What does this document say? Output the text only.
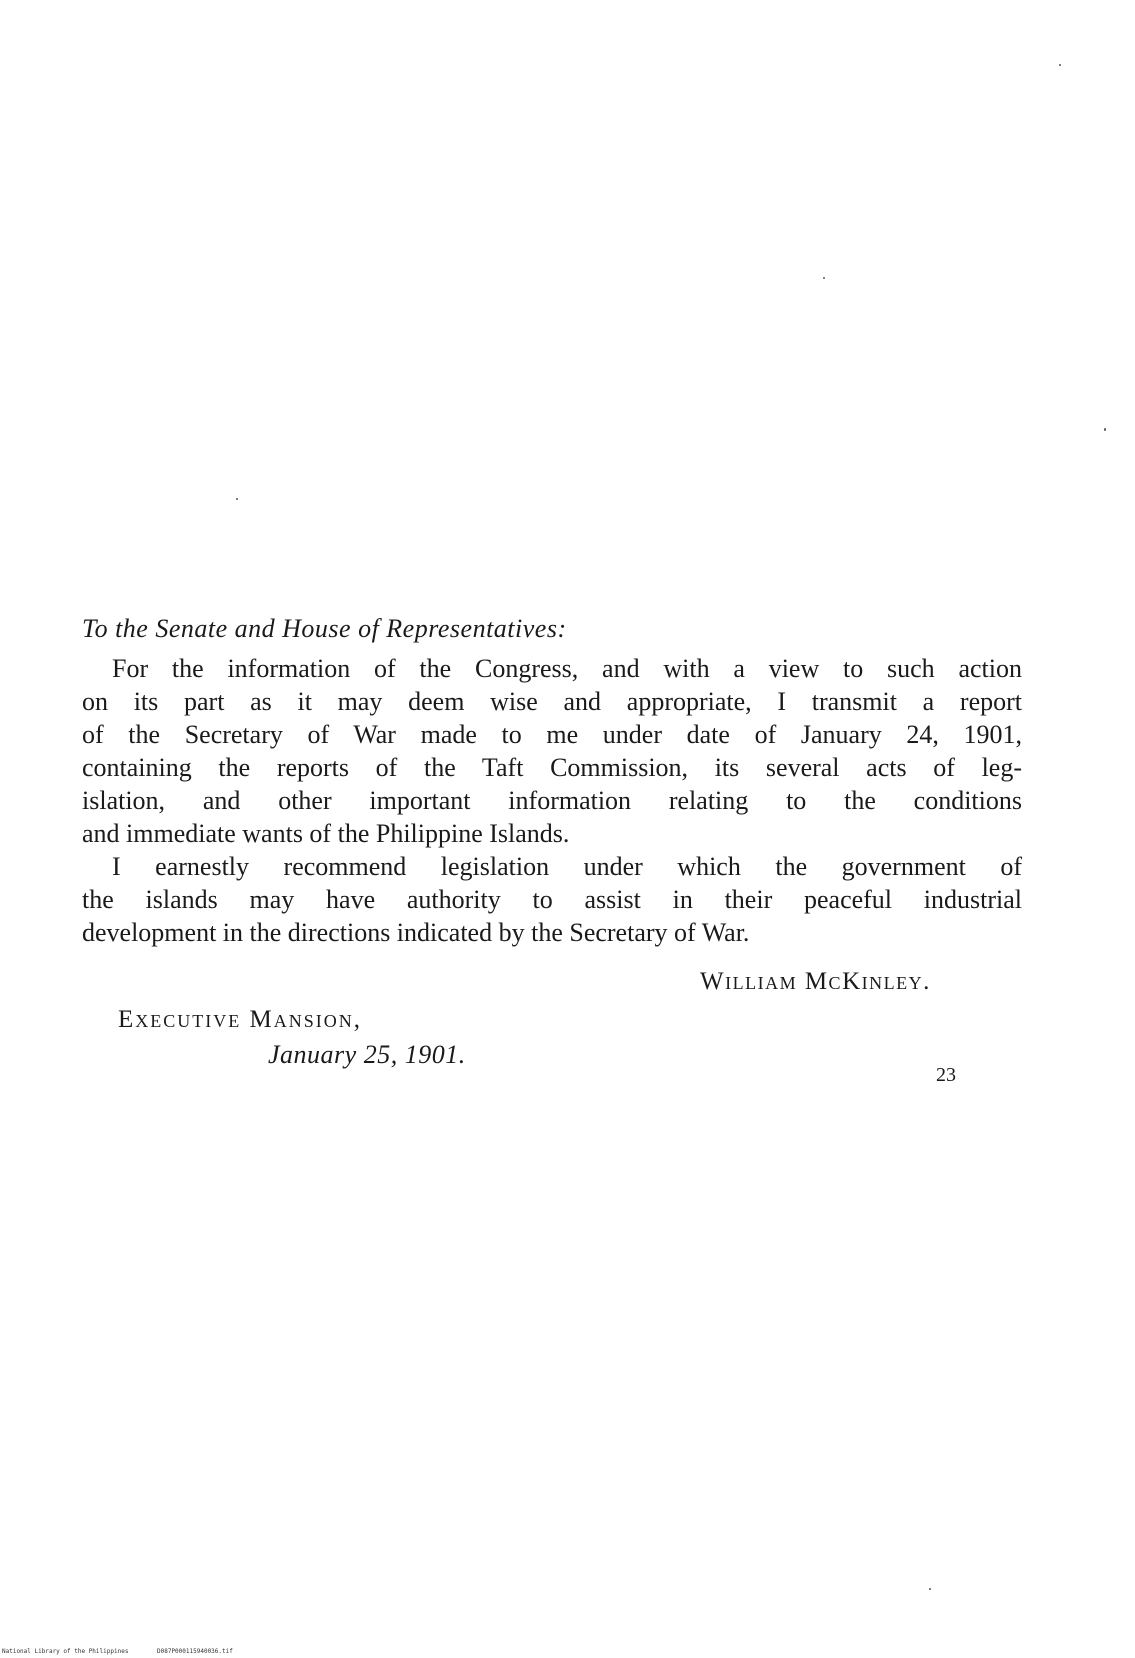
To the Senate and House of Representatives:

For the information of the Congress, and with a view to such action
on its part as it may deem wise and appropriate, I transmit a report
of the Secretary of War made to me under date of January 24, 1901,
containing the reports of the Taft Commission, its several acts of leg-
islation, and other important information relating to the conditions
and immediate wants of the Philippine Islands.

I earnestly recommend legislation under which the government of
the islands may have authority to assist in their peaceful industrial
development in the directions indicated by the Secretary of War.

William McKinley.
Executive Mansion,
January 25, 1901.
23
National Library of the Philippines	D087P000115940036.tif
